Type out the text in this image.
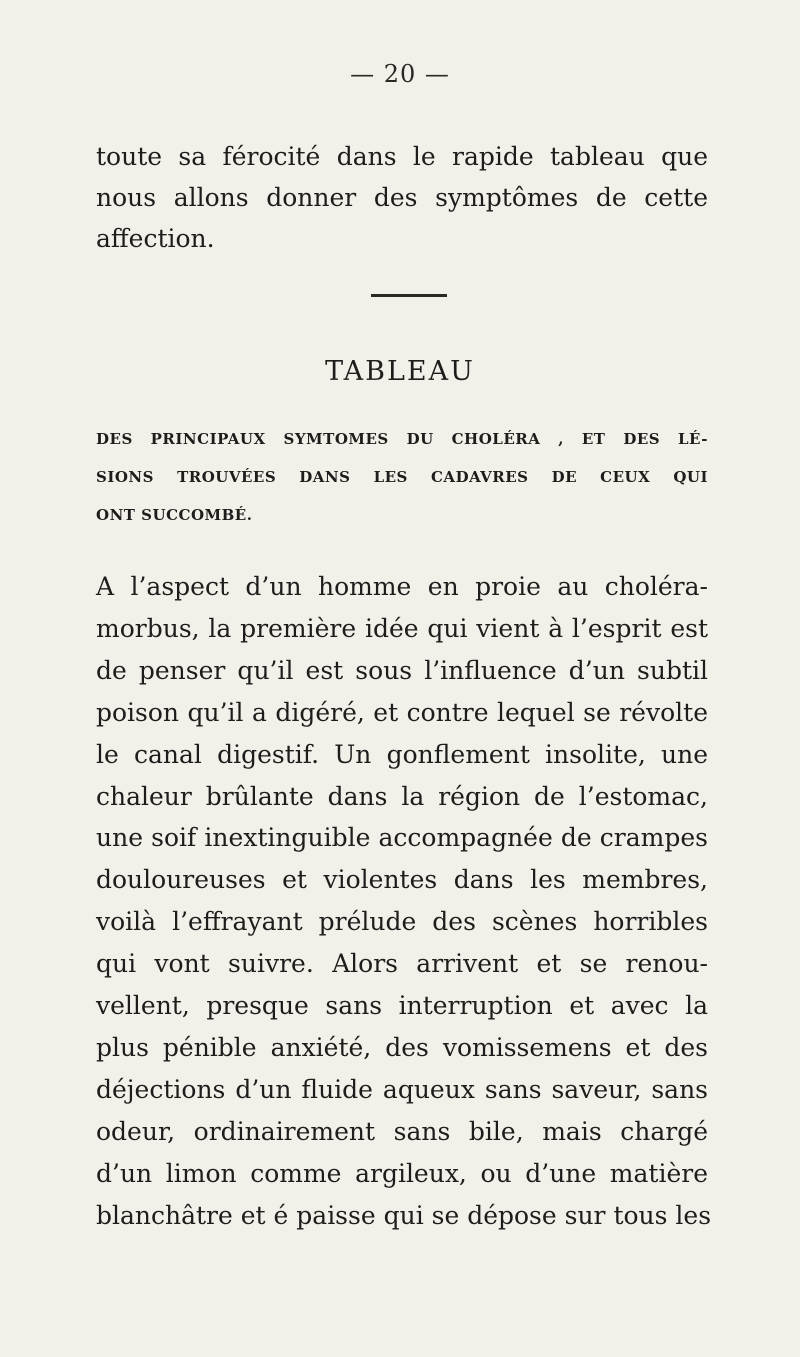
— 20 —
toute sa férocité dans le rapide tableau que
nous allons donner des symptômes de cette
affection.
TABLEAU
DES PRINCIPAUX SYMTOMES DU CHOLÉRA , ET DES LÉ-
SIONS TROUVÉES DANS LES CADAVRES DE CEUX QUI
ONT SUCCOMBÉ.
A l’aspect d’un homme en proie au choléra-
morbus, la première idée qui vient à l’esprit est
de penser qu’il est sous l’influence d’un subtil
poison qu’il a digéré, et contre lequel se révolte
le canal digestif. Un gonflement insolite, une
chaleur brûlante dans la région de l’estomac,
une soif inextinguible accompagnée de crampes
douloureuses et violentes dans les membres,
voilà l’effrayant prélude des scènes horribles
qui vont suivre. Alors arrivent et se renou-
vellent, presque sans interruption et avec la
plus pénible anxiété, des vomissemens et des
déjections d’un fluide aqueux sans saveur, sans
odeur, ordinairement sans bile, mais chargé
d’un limon comme argileux, ou d’une matière
blanchâtre et é paisse qui se dépose sur tous les
